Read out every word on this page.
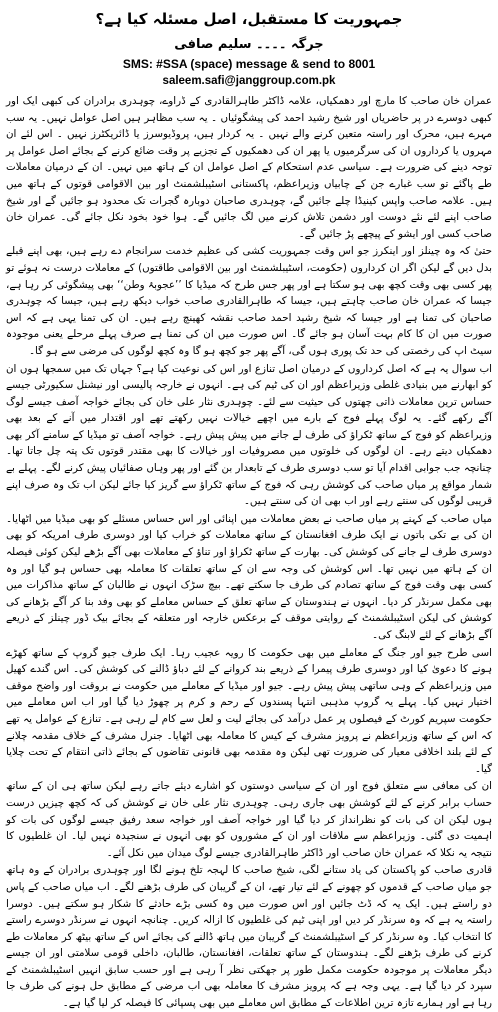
جمہوریت کا مستقبل، اصل مسئلہ کیا ہے؟
جرگہ ۔۔۔۔ سلیم صافی
SMS: #SSA (space) message & send to 8001
saleem.safi@janggroup.com.pk

عمران خان صاحب کا مارچ اور دھمکیاں، علامہ ڈاکٹر طاہرالقادری کے ڈراوے، چوہدری برادران کی کبھی ایک اور کبھی دوسرے در پر حاضریاں اور شیخ رشید احمد کی پیشگوئیاں ۔ یہ سب مظاہر ہیں اصل عوامل نہیں۔ یہ سب مہرے ہیں، محرک اور راستہ متعین کرنے والے نہیں ۔ یہ کردار ہیں، پروڈیوسرز یا ڈائریکٹرز نہیں ۔ اس لئے ان مہروں یا کرداروں ان کی سرگرمیوں یا پھر ان کی دھمکیوں کے تجزیے پر وقت ضائع کرنے کے بجائے اصل عوامل پر توجہ دینے کی ضرورت ہے۔ سیاسی عدم استحکام کے اصل عوامل ان کے ہاتھ میں نہیں۔ ان کے درمیان معاملات طے پاگئے تو سب غبارے جن کے چابیاں وزیراعظم، پاکستانی اسٹیبلشمنٹ اور بین الاقوامی قوتوں کے ہاتھ میں ہیں۔ علامہ صاحب واپس کینیڈا چلے جائیں گے، چوہدری صاحبان دوبارہ گجرات تک محدود ہو جائیں گے اور شیخ صاحب اپنے لئے نئے دوست اور دشمن تلاش کرنے میں لگ جائیں گے۔ ہوا خود بخود نکل جائے گی۔ عمران خان صاحب کسی اور ایشو کے پیچھے پڑ جائیں گے۔

حتیٰ کہ وہ چینلز اور اینکرز جو اس وقت جمہوریت کشی کی عظیم خدمت سرانجام دے رہے ہیں، بھی اپنے قبلے بدل دیں گے لیکن اگر ان کرداروں (حکومت، اسٹیبلشمنٹ اور بین الاقوامی طاقتوں) کے معاملات درست نہ ہوئے تو پھر کسی بھی وقت کچھ بھی ہو سکتا ہے اور پھر جس طرح کہ میڈیا کا ’’عجوبۂ وطن‘‘ بھی پیشگوئی کر رہا ہے، جیسا کہ عمران خان صاحب چاہتے ہیں، جیسا کہ طاہرالقادری صاحب خواب دیکھ رہے ہیں، جیسا کہ چوہدری صاحبان کی تمنا ہے اور جیسا کہ شیخ رشید احمد صاحب نقشہ کھینچ رہے ہیں۔ ان کی تمنا یہی ہے کہ اس صورت میں ان کا کام بہت آسان ہو جائے گا۔ اس صورت میں ان کی تمنا ہے صرف پہلے مرحلے یعنی موجودہ سیٹ اپ کی رخصتی کی حد تک پوری ہوں گی، آگے پھر جو کچھ ہو گا وہ کچھ لوگوں کی مرضی سے ہو گا۔

اب سوال یہ ہے کہ اصل کرداروں کے درمیان اصل تنازع اور اس کی نوعیت کیا ہے؟ جہاں تک میں سمجھا ہوں ان کو ابھارنے میں بنیادی غلطی وزیراعظم اور ان کی ٹیم کی ہے۔ انہوں نے خارجہ پالیسی اور نیشنل سکیورٹی جیسے حساس ترین معاملات ذاتی چھتوں کی حیثیت سے لئے۔ چوہدری نثار علی خان کی بجائے خواجہ آصف جیسے لوگ آگے رکھے گئے۔ یہ لوگ پہلے فوج کے بارے میں اچھے خیالات نہیں رکھتے تھے اور اقتدار میں آنے کے بعد بھی وزیراعظم کو فوج کے ساتھ ٹکراؤ کی طرف لے جانے میں پیش پیش رہے۔ خواجہ آصف تو میڈیا کے سامنے آکر بھی دھمکیاں دیتے رہے۔ ان لوگوں کی خلوتوں میں مصروفیات اور خیالات کا بھی مقتدر قوتوں تک پتہ چل جاتا تھا۔ چنانچہ جب جوابی اقدام آیا تو سب دوسری طرف کے تابعدار بن گئے اور پھر وہاں صفائیاں پیش کرنے لگے۔ پہلے بے شمار مواقع پر میاں صاحب کی کوشش رہی کہ فوج کے ساتھ ٹکراؤ سے گریز کیا جائے لیکن اب تک وہ صرف اپنے قریبی لوگوں کی سنتے رہے اور اب بھی ان کی سنتے ہیں۔

میاں صاحب کے کہنے پر میاں صاحب نے بعض معاملات میں اپنائی اور اس حساس مسئلے کو بھی میڈیا میں اٹھایا۔ ان کی بے تکی باتوں نے ایک طرف افغانستان کے ساتھ معاملات کو خراب کیا اور دوسری طرف امریکہ کو بھی دوسری طرف لے جانے کی کوشش کی۔ بھارت کے ساتھ ٹکراؤ اور تناؤ کے معاملات بھی آگے بڑھے لیکن کوئی فیصلہ ان کے ہاتھ میں نہیں تھا۔ اس کوشش کی وجہ سے ان کے ساتھ تعلقات کا معاملہ بھی حساس ہو گیا اور وہ کسی بھی وقت فوج کے ساتھ تصادم کی طرف جا سکتے تھے۔ بیچ سڑک انہوں نے طالبان کے ساتھ مذاکرات میں بھی مکمل سرنڈر کر دیا۔ انہوں نے ہندوستان کے ساتھ تعلق کے حساس معاملے کو بھی وفد بنا کر آگے بڑھانے کی کوشش کی لیکن اسٹیبلشمنٹ کے روایتی موقف کے برعکس خارجہ اور متعلقہ کے بجائے بیک ڈور چینلز کے ذریعے آگے بڑھانے کے لئے لابنگ کی۔

اسی طرح جیو اور جنگ کے معاملے میں بھی حکومت کا رویہ عجیب رہا۔ ایک طرف جیو گروپ کے ساتھ کھڑے ہونے کا دعویٰ کیا اور دوسری طرف پیمرا کے ذریعے بند کروانے کے لئے دباؤ ڈالنے کی کوشش کی۔ اس گندے کھیل میں وزیراعظم کے وہی ساتھی پیش پیش رہے۔ جیو اور میڈیا کے معاملے میں حکومت نے بروقت اور واضح موقف اختیار نہیں کیا۔ پہلے یہ گروپ مذہبی انتہا پسندوں کے رحم و کرم پر چھوڑ دیا گیا اور اب اس معاملے میں حکومت سپریم کورٹ کے فیصلوں پر عمل درآمد کی بجائے لیت و لعل سے کام لے رہی ہے۔ تنازع کے عوامل یہ تھے کہ اس کے ساتھ وزیراعظم نے پرویز مشرف کے کیس کا معاملہ بھی اٹھایا۔ جنرل مشرف کے خلاف مقدمہ چلانے کے لئے بلند اخلاقی معیار کی ضرورت تھی لیکن وہ مقدمہ بھی قانونی تقاضوں کے بجائے ذاتی انتقام کے تحت چلایا گیا۔

ان کی معافی سے متعلق فوج اور ان کے سیاسی دوستوں کو اشارے دیئے جاتے رہے لیکن ساتھ ہی ان کے ساتھ حساب برابر کرنے کے لئے کوشش بھی جاری رہی۔ چوہدری نثار علی خان نے کوشش کی کہ کچھ چیزیں درست ہوں لیکن ان کی بات کو نظرانداز کر دیا گیا اور خواجہ آصف اور خواجہ سعد رفیق جیسے لوگوں کی بات کو اہمیت دی گئی۔ وزیراعظم سے ملاقات اور ان کے مشوروں کو بھی انہوں نے سنجیدہ نہیں لیا۔ ان غلطیوں کا نتیجہ یہ نکلا کہ عمران خان صاحب اور ڈاکٹر طاہرالقادری جیسے لوگ میدان میں نکل آئے۔

قادری صاحب کو پاکستان کی یاد ستانے لگی، شیخ صاحب کا لہجہ تلخ ہونے لگا اور چوہدری برادران کے وہ ہاتھ جو میاں صاحب کے قدموں کو چھونے کے لئے تیار تھے، ان کے گریبان کی طرف بڑھنے لگے۔ اب میاں صاحب کے پاس دو راستے ہیں۔ ایک یہ کہ ڈٹ جائیں اور اس صورت میں وہ کسی بڑے حادثے کا شکار ہو سکتے ہیں۔ دوسرا راستہ یہ ہے کہ وہ سرنڈر کر دیں اور اپنی ٹیم کی غلطیوں کا ازالہ کریں۔ چنانچہ انہوں نے سرنڈر دوسرے راستے کا انتخاب کیا۔ وہ سرنڈر کر کے اسٹیبلشمنٹ کے گریبان میں ہاتھ ڈالنے کی بجائے اس کے ساتھ بیٹھ کر معاملات طے کرنے کی طرف بڑھنے لگے۔ ہندوستان کے ساتھ تعلقات، افغانستان، طالبان، داخلی قومی سلامتی اور ان جیسے دیگر معاملات پر موجودہ حکومت مکمل طور پر جھکتی نظر آ رہی ہے اور حسب سابق انہیں اسٹیبلشمنٹ کے سپرد کر دیا گیا ہے۔ یہی وجہ ہے کہ پرویز مشرف کا معاملہ بھی اب مرضی کے مطابق حل ہونے کی طرف جا رہا ہے اور ہمارے تازہ ترین اطلاعات کے مطابق اس معاملے میں بھی پسپائی کا فیصلہ کر لیا گیا ہے۔
